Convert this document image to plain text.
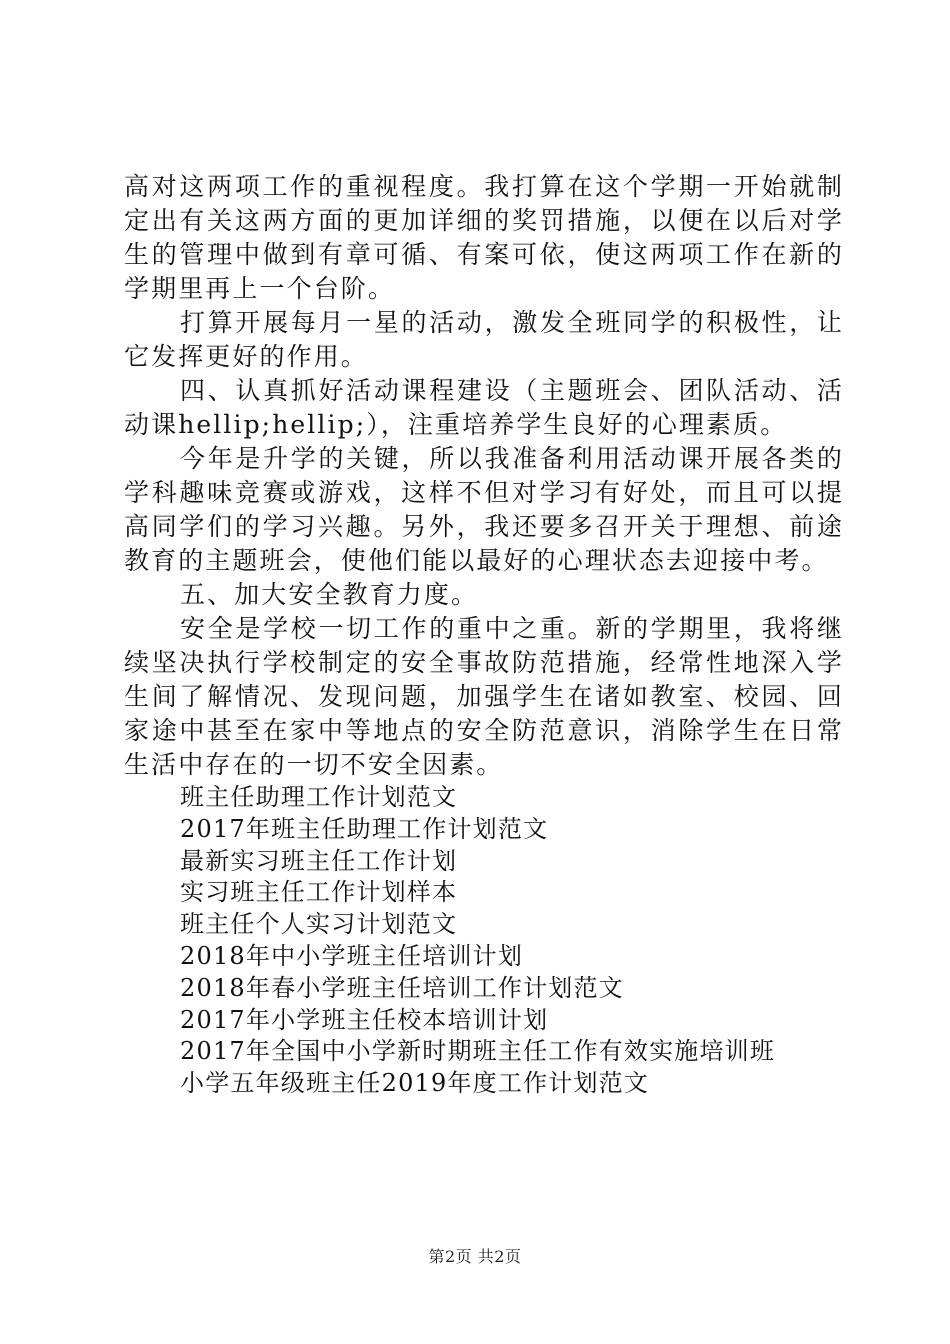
高对这两项工作的重视程度。我打算在这个学期一开始就制定出有关这两方面的更加详细的奖罚措施，以便在以后对学生的管理中做到有章可循、有案可依，使这两项工作在新的学期里再上一个台阶。

打算开展每月一星的活动，激发全班同学的积极性，让它发挥更好的作用。

四、认真抓好活动课程建设（主题班会、团队活动、活动课hellip;hellip;），注重培养学生良好的心理素质。

今年是升学的关键，所以我准备利用活动课开展各类的学科趣味竞赛或游戏，这样不但对学习有好处，而且可以提高同学们的学习兴趣。另外，我还要多召开关于理想、前途教育的主题班会，使他们能以最好的心理状态去迎接中考。

五、加大安全教育力度。

安全是学校一切工作的重中之重。新的学期里，我将继续坚决执行学校制定的安全事故防范措施，经常性地深入学生间了解情况、发现问题，加强学生在诸如教室、校园、回家途中甚至在家中等地点的安全防范意识，消除学生在日常生活中存在的一切不安全因素。

班主任助理工作计划范文
2017年班主任助理工作计划范文
最新实习班主任工作计划
实习班主任工作计划样本
班主任个人实习计划范文
2018年中小学班主任培训计划
2018年春小学班主任培训工作计划范文
2017年小学班主任校本培训计划
2017年全国中小学新时期班主任工作有效实施培训班
小学五年级班主任2019年度工作计划范文
第2页 共2页
